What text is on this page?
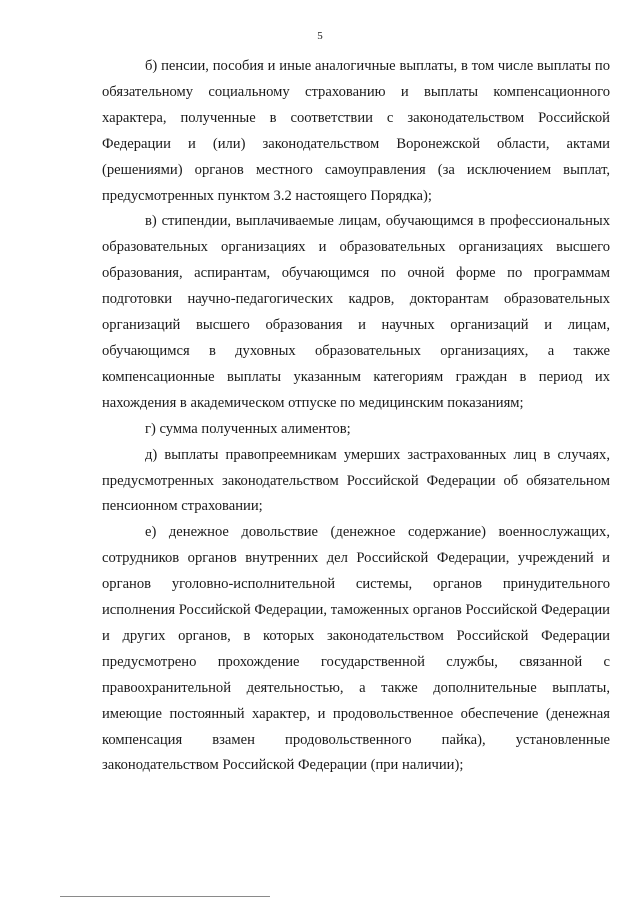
5

б) пенсии, пособия и иные аналогичные выплаты, в том числе выплаты по обязательному социальному страхованию и выплаты компенсационного характера, полученные в соответствии с законодательством Российской Федерации и (или) законодательством Воронежской области, актами (решениями) органов местного самоуправления (за исключением выплат, предусмотренных пунктом 3.2 настоящего Порядка);

в) стипендии, выплачиваемые лицам, обучающимся в профессиональных образовательных организациях и образовательных организациях высшего образования, аспирантам, обучающимся по очной форме по программам подготовки научно-педагогических кадров, докторантам образовательных организаций высшего образования и научных организаций и лицам, обучающимся в духовных образовательных организациях, а также компенсационные выплаты указанным категориям граждан в период их нахождения в академическом отпуске по медицинским показаниям;

г) сумма полученных алиментов;

д) выплаты правопреемникам умерших застрахованных лиц в случаях, предусмотренных законодательством Российской Федерации об обязательном пенсионном страховании;

е) денежное довольствие (денежное содержание) военнослужащих, сотрудников органов внутренних дел Российской Федерации, учреждений и органов уголовно-исполнительной системы, органов принудительного исполнения Российской Федерации, таможенных органов Российской Федерации и других органов, в которых законодательством Российской Федерации предусмотрено прохождение государственной службы, связанной с правоохранительной деятельностью, а также дополнительные выплаты, имеющие постоянный характер, и продовольственное обеспечение (денежная компенсация взамен продовольственного пайка), установленные законодательством Российской Федерации (при наличии);
